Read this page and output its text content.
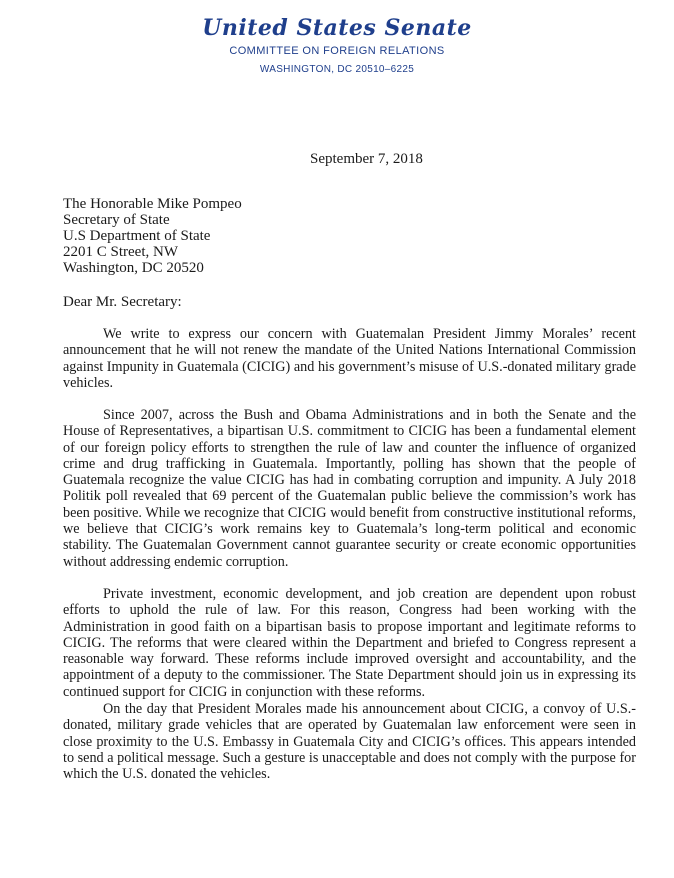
United States Senate
COMMITTEE ON FOREIGN RELATIONS
WASHINGTON, DC 20510–6225
September 7, 2018
The Honorable Mike Pompeo
Secretary of State
U.S Department of State
2201 C Street, NW
Washington, DC 20520
Dear Mr. Secretary:

We write to express our concern with Guatemalan President Jimmy Morales’ recent announcement that he will not renew the mandate of the United Nations International Commission against Impunity in Guatemala (CICIG) and his government’s misuse of U.S.-donated military grade vehicles.

Since 2007, across the Bush and Obama Administrations and in both the Senate and the House of Representatives, a bipartisan U.S. commitment to CICIG has been a fundamental element of our foreign policy efforts to strengthen the rule of law and counter the influence of organized crime and drug trafficking in Guatemala. Importantly, polling has shown that the people of Guatemala recognize the value CICIG has had in combating corruption and impunity. A July 2018 Politik poll revealed that 69 percent of the Guatemalan public believe the commission’s work has been positive. While we recognize that CICIG would benefit from constructive institutional reforms, we believe that CICIG’s work remains key to Guatemala’s long-term political and economic stability. The Guatemalan Government cannot guarantee security or create economic opportunities without addressing endemic corruption.

Private investment, economic development, and job creation are dependent upon robust efforts to uphold the rule of law. For this reason, Congress had been working with the Administration in good faith on a bipartisan basis to propose important and legitimate reforms to CICIG. The reforms that were cleared within the Department and briefed to Congress represent a reasonable way forward. These reforms include improved oversight and accountability, and the appointment of a deputy to the commissioner. The State Department should join us in expressing its continued support for CICIG in conjunction with these reforms.

On the day that President Morales made his announcement about CICIG, a convoy of U.S.-donated, military grade vehicles that are operated by Guatemalan law enforcement were seen in close proximity to the U.S. Embassy in Guatemala City and CICIG’s offices. This appears intended to send a political message. Such a gesture is unacceptable and does not comply with the purpose for which the U.S. donated the vehicles.
